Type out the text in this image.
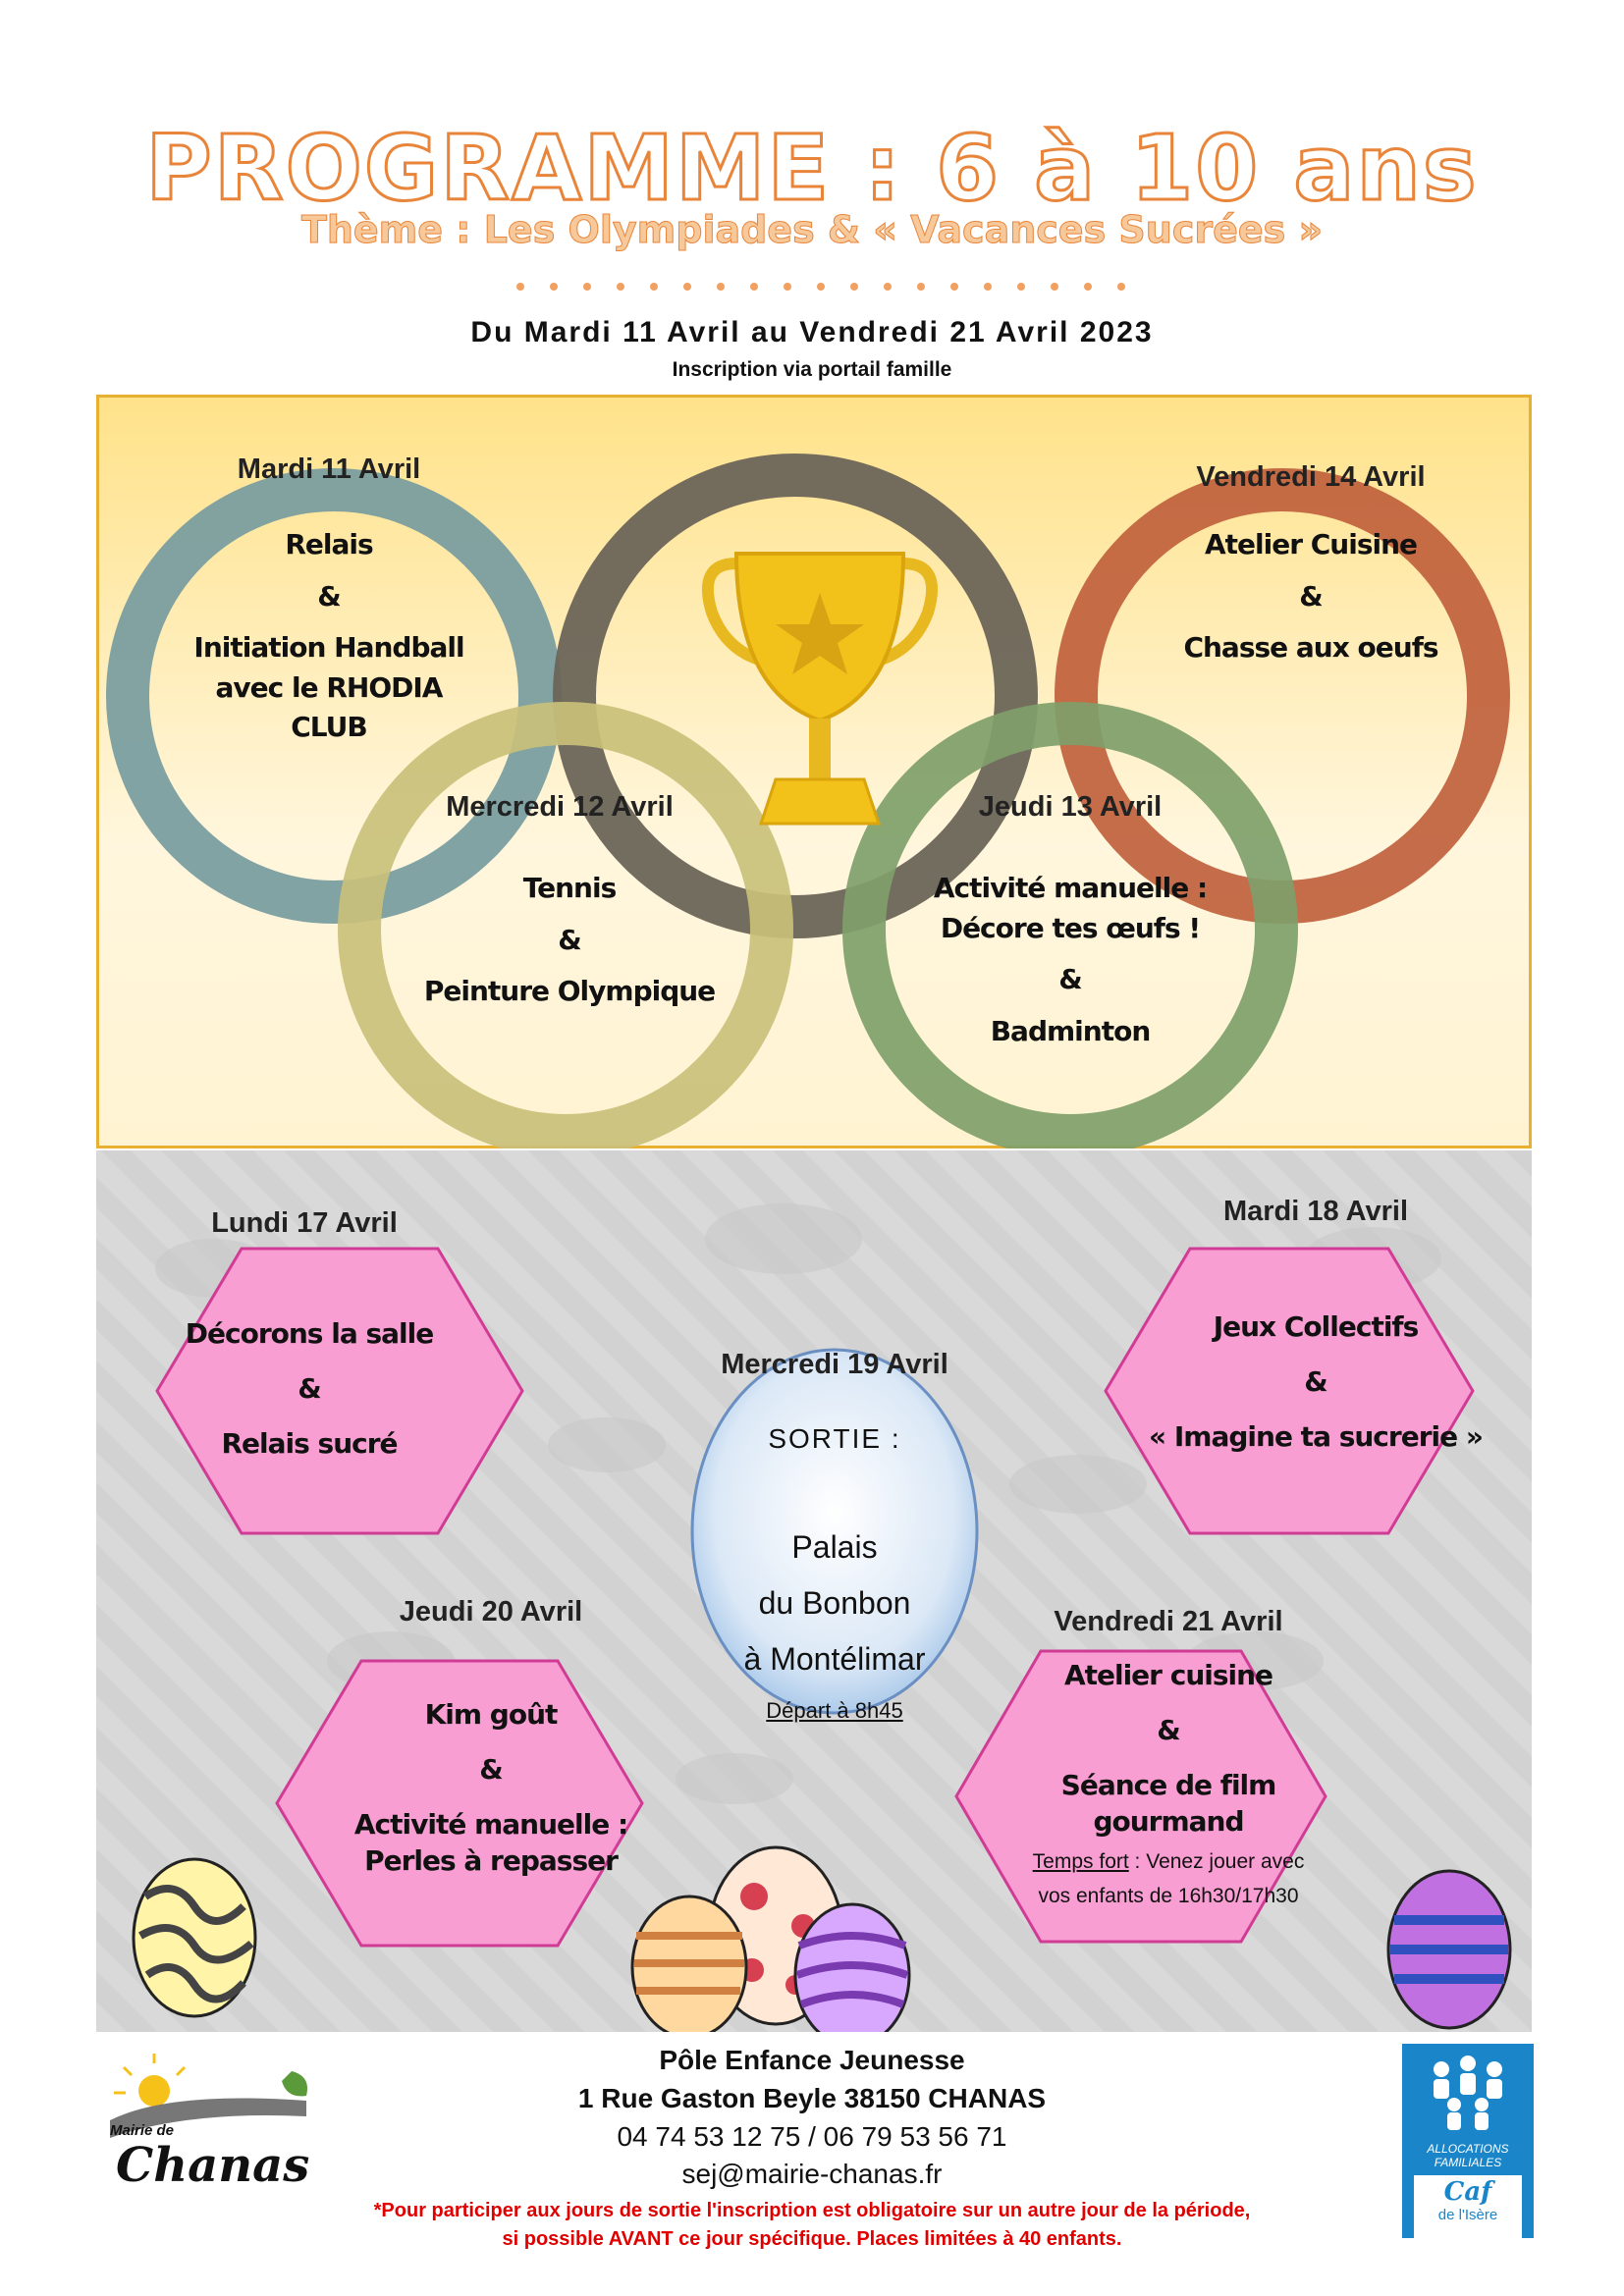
PROGRAMME : 6 à 10 ans
Thème : Les Olympiades & « Vacances Sucrées »
Du Mardi 11 Avril au Vendredi 21 Avril 2023
Inscription via portail famille
Mardi 11 Avril
Relais
&
Initiation Handball
avec le RHODIA
CLUB
Mercredi 12 Avril
Tennis
&
Peinture Olympique
Jeudi 13 Avril
Activité manuelle :
Décore tes œufs !
&
Badminton
Vendredi 14 Avril
Atelier Cuisine
&
Chasse aux oeufs
Lundi 17 Avril
Décorons la salle
&
Relais sucré
Mardi 18 Avril
Jeux Collectifs
&
« Imagine ta sucrerie »
Mercredi 19 Avril
SORTIE :
Palais
du Bonbon
à Montélimar
Départ à 8h45
Jeudi 20 Avril
Kim goût
&
Activité manuelle :
Perles à repasser
Vendredi 21 Avril
Atelier cuisine
&
Séance de film gourmand
Temps fort : Venez jouer avec
vos enfants de 16h30/17h30
Mairie de
Chanas
Pôle Enfance Jeunesse
1 Rue Gaston Beyle 38150 CHANAS
04 74 53 12 75 / 06 79 53 56 71
sej@mairie-chanas.fr
ALLOCATIONS FAMILIALES
Caf
de l'Isère
*Pour participer aux jours de sortie l'inscription est obligatoire sur un autre jour de la période,
si possible AVANT ce jour spécifique. Places limitées à 40 enfants.
